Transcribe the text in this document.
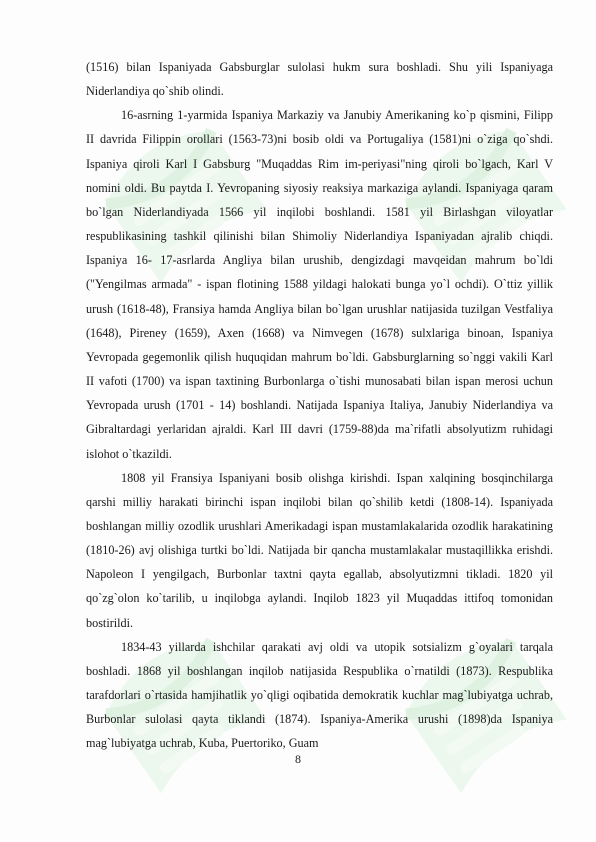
(1516) bilan Ispaniyada Gabsburglar sulolasi hukm sura boshladi. Shu yili Ispaniyaga Niderlandiya qo`shib olindi.

16-asrning 1-yarmida Ispaniya Markaziy va Janubiy Amerikaning ko`p qismini, Filipp II davrida Filippin orollari (1563-73)ni bosib oldi va Portugaliya (1581)ni o`ziga qo`shdi. Ispaniya qiroli Karl I Gabsburg "Muqaddas Rim im-periyasi"ning qiroli bo`lgach, Karl V nomini oldi. Bu paytda I. Yevropaning siyosiy reaksiya markaziga aylandi. Ispaniyaga qaram bo`lgan Niderlandiyada 1566 yil inqilobi boshlandi. 1581 yil Birlashgan viloyatlar respublikasining tashkil qilinishi bilan Shimoliy Niderlandiya Ispaniyadan ajralib chiqdi. Ispaniya 16- 17-asrlarda Angliya bilan urushib, dengizdagi mavqeidan mahrum bo`ldi ("Yengilmas armada" - ispan flotining 1588 yildagi halokati bunga yo`l ochdi). O`ttiz yillik urush (1618-48), Fransiya hamda Angliya bilan bo`lgan urushlar natijasida tuzilgan Vestfaliya (1648), Pireney (1659), Axen (1668) va Nimvegen (1678) sulxlariga binoan, Ispaniya Yevropada gegemonlik qilish huquqidan mahrum bo`ldi. Gabsburglarning so`nggi vakili Karl II vafoti (1700) va ispan taxtining Burbonlarga o`tishi munosabati bilan ispan merosi uchun Yevropada urush (1701 - 14) boshlandi. Natijada Ispaniya Italiya, Janubiy Niderlandiya va Gibraltardagi yerlaridan ajraldi. Karl III davri (1759-88)da ma`rifatli absolyutizm ruhidagi islohot o`tkazildi.

1808 yil Fransiya Ispaniyani bosib olishga kirishdi. Ispan xalqining bosqinchilarga qarshi milliy harakati birinchi ispan inqilobi bilan qo`shilib ketdi (1808-14). Ispaniyada boshlangan milliy ozodlik urushlari Amerikadagi ispan mustamlakalarida ozodlik harakatining (1810-26) avj olishiga turtki bo`ldi. Natijada bir qancha mustamlakalar mustaqillikka erishdi. Napoleon I yengilgach, Burbonlar taxtni qayta egallab, absolyutizmni tikladi. 1820 yil qo`zg`olon ko`tarilib, u inqilobga aylandi. Inqilob 1823 yil Muqaddas ittifoq tomonidan bostirildi.

1834-43 yillarda ishchilar qarakati avj oldi va utopik sotsializm g`oyalari tarqala boshladi. 1868 yil boshlangan inqilob natijasida Respublika o`rnatildi (1873). Respublika tarafdorlari o`rtasida hamjihatlik yo`qligi oqibatida demokratik kuchlar mag`lubiyatga uchrab, Burbonlar sulolasi qayta tiklandi (1874). Ispaniya-Amerika urushi (1898)da Ispaniya mag`lubiyatga uchrab, Kuba, Puertoriko, Guam

8
